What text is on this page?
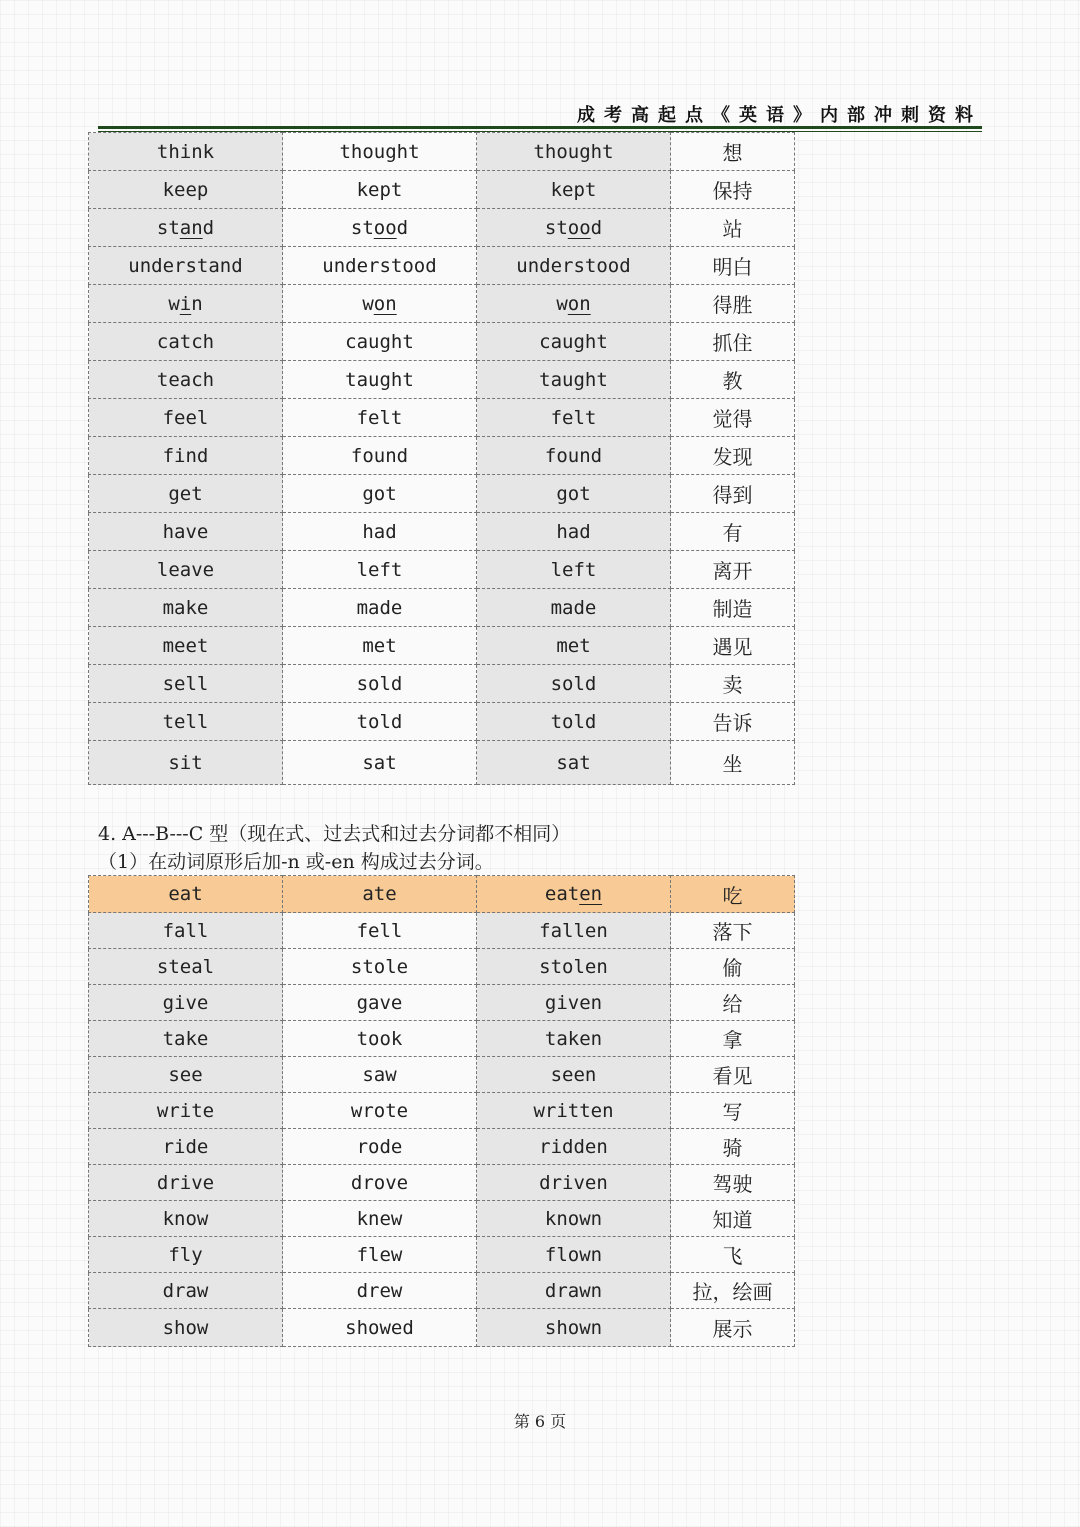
成考高起点《英语》内部冲刺资料
think	thought	thought	想
keep	kept	kept	保持
stand	stood	stood	站
understand	understood	understood	明白
win	won	won	得胜
catch	caught	caught	抓住
teach	taught	taught	教
feel	felt	felt	觉得
find	found	found	发现
get	got	got	得到
have	had	had	有
leave	left	left	离开
make	made	made	制造
meet	met	met	遇见
sell	sold	sold	卖
tell	told	told	告诉
sit	sat	sat	坐
4. A---B---C 型（现在式、过去式和过去分词都不相同）
（1）在动词原形后加-n 或-en 构成过去分词。
eat	ate	eaten	吃
fall	fell	fallen	落下
steal	stole	stolen	偷
give	gave	given	给
take	took	taken	拿
see	saw	seen	看见
write	wrote	written	写
ride	rode	ridden	骑
drive	drove	driven	驾驶
know	knew	known	知道
fly	flew	flown	飞
draw	drew	drawn	拉，绘画
show	showed	shown	展示
第 6 页
